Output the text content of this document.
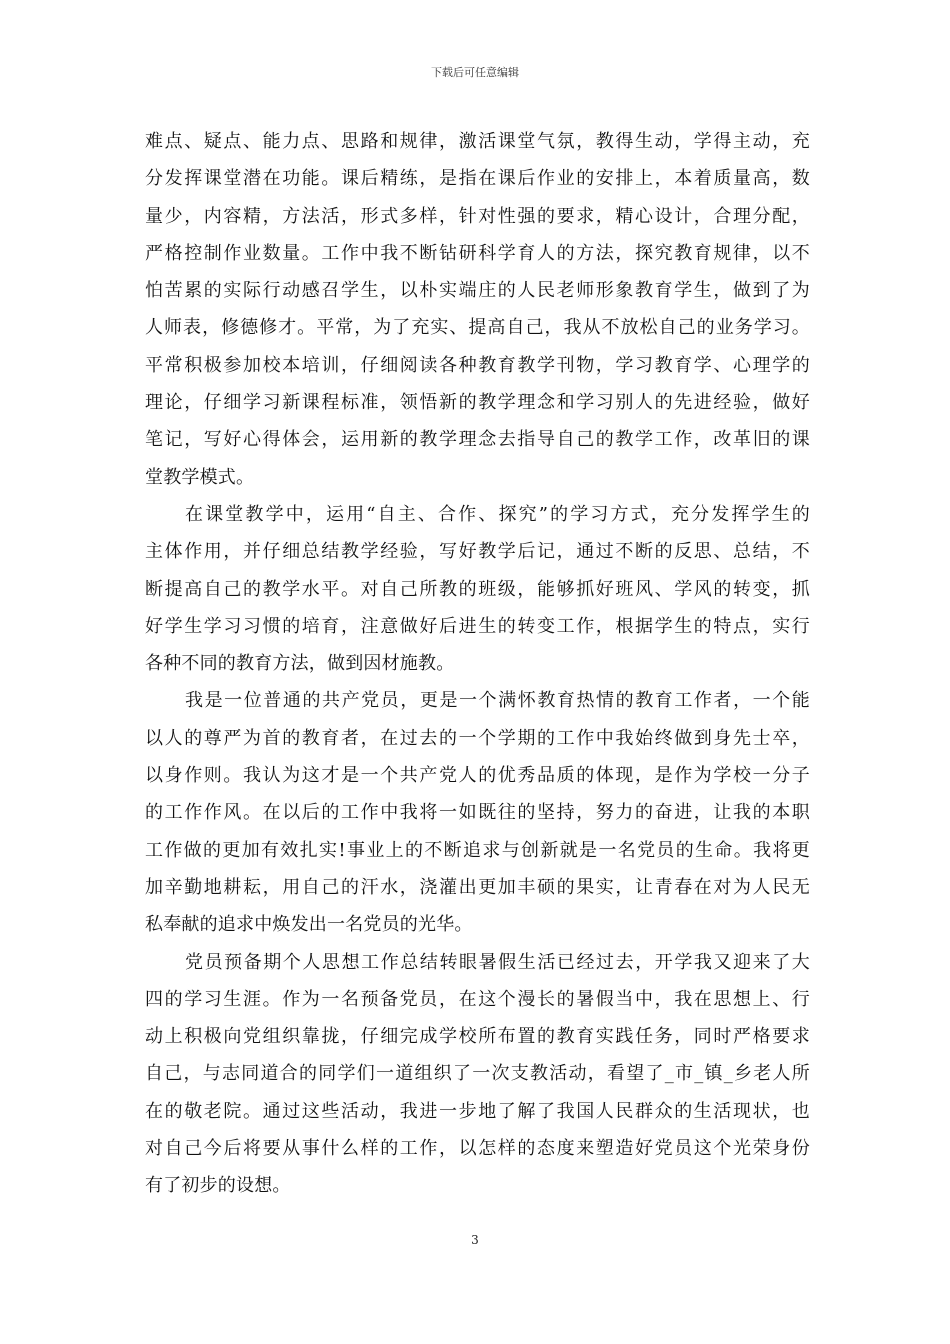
下载后可任意编辑
难点、疑点、能力点、思路和规律，激活课堂气氛，教得生动，学得主动，充
分发挥课堂潜在功能。课后精练，是指在课后作业的安排上，本着质量高，数
量少，内容精，方法活，形式多样，针对性强的要求，精心设计，合理分配，
严格控制作业数量。工作中我不断钻研科学育人的方法，探究教育规律，以不
怕苦累的实际行动感召学生，以朴实端庄的人民老师形象教育学生，做到了为
人师表，修德修才。平常，为了充实、提高自己，我从不放松自己的业务学习。
平常积极参加校本培训，仔细阅读各种教育教学刊物，学习教育学、心理学的
理论，仔细学习新课程标准，领悟新的教学理念和学习别人的先进经验，做好
笔记，写好心得体会，运用新的教学理念去指导自己的教学工作，改革旧的课
堂教学模式。
在课堂教学中，运用“自主、合作、探究”的学习方式，充分发挥学生的
主体作用，并仔细总结教学经验，写好教学后记，通过不断的反思、总结，不
断提高自己的教学水平。对自己所教的班级，能够抓好班风、学风的转变，抓
好学生学习习惯的培育，注意做好后进生的转变工作，根据学生的特点，实行
各种不同的教育方法，做到因材施教。
我是一位普通的共产党员，更是一个满怀教育热情的教育工作者，一个能
以人的尊严为首的教育者，在过去的一个学期的工作中我始终做到身先士卒，
以身作则。我认为这才是一个共产党人的优秀品质的体现，是作为学校一分子
的工作作风。在以后的工作中我将一如既往的坚持，努力的奋进，让我的本职
工作做的更加有效扎实!事业上的不断追求与创新就是一名党员的生命。我将更
加辛勤地耕耘，用自己的汗水，浇灌出更加丰硕的果实，让青春在对为人民无
私奉献的追求中焕发出一名党员的光华。
党员预备期个人思想工作总结转眼暑假生活已经过去，开学我又迎来了大
四的学习生涯。作为一名预备党员，在这个漫长的暑假当中，我在思想上、行
动上积极向党组织靠拢，仔细完成学校所布置的教育实践任务，同时严格要求
自己，与志同道合的同学们一道组织了一次支教活动，看望了_市_镇_乡老人所
在的敬老院。通过这些活动，我进一步地了解了我国人民群众的生活现状，也
对自己今后将要从事什么样的工作，以怎样的态度来塑造好党员这个光荣身份
有了初步的设想。
3
